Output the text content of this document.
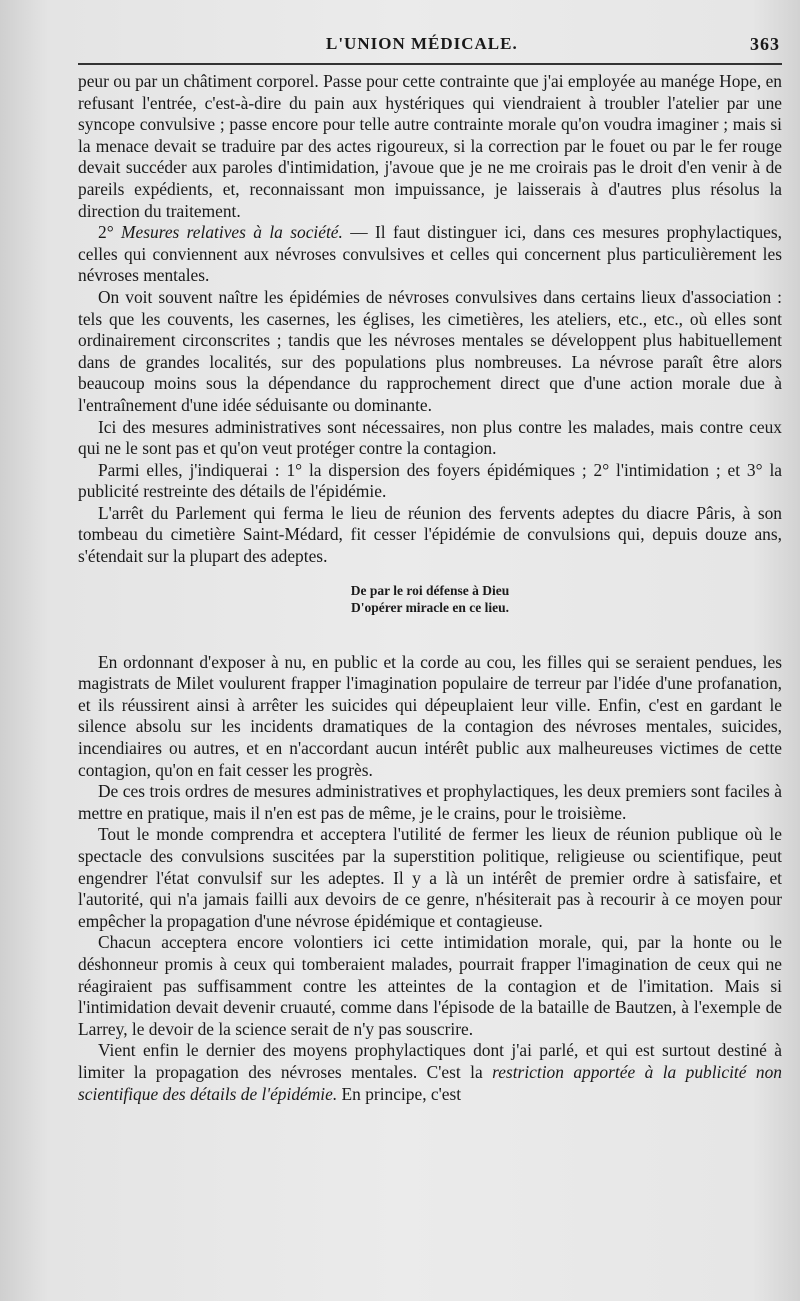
L'UNION MÉDICALE.	363

peur ou par un châtiment corporel. Passe pour cette contrainte que j'ai employée au manége Hope, en refusant l'entrée, c'est-à-dire du pain aux hystériques qui viendraient à troubler l'atelier par une syncope convulsive ; passe encore pour telle autre contrainte morale qu'on voudra imaginer ; mais si la menace devait se traduire par des actes rigoureux, si la correction par le fouet ou par le fer rouge devait succéder aux paroles d'intimidation, j'avoue que je ne me croirais pas le droit d'en venir à de pareils expédients, et, reconnaissant mon impuissance, je laisserais à d'autres plus résolus la direction du traitement.

2° Mesures relatives à la société. — Il faut distinguer ici, dans ces mesures prophylactiques, celles qui conviennent aux névroses convulsives et celles qui concernent plus particulièrement les névroses mentales.

On voit souvent naître les épidémies de névroses convulsives dans certains lieux d'association : tels que les couvents, les casernes, les églises, les cimetières, les ateliers, etc., etc., où elles sont ordinairement circonscrites ; tandis que les névroses mentales se développent plus habituellement dans de grandes localités, sur des populations plus nombreuses. La névrose paraît être alors beaucoup moins sous la dépendance du rapprochement direct que d'une action morale due à l'entraînement d'une idée séduisante ou dominante.

Ici des mesures administratives sont nécessaires, non plus contre les malades, mais contre ceux qui ne le sont pas et qu'on veut protéger contre la contagion.

Parmi elles, j'indiquerai : 1° la dispersion des foyers épidémiques ; 2° l'intimidation ; et 3° la publicité restreinte des détails de l'épidémie.

L'arrêt du Parlement qui ferma le lieu de réunion des fervents adeptes du diacre Pâris, à son tombeau du cimetière Saint-Médard, fit cesser l'épidémie de convulsions qui, depuis douze ans, s'étendait sur la plupart des adeptes.

De par le roi défense à Dieu
D'opérer miracle en ce lieu.

En ordonnant d'exposer à nu, en public et la corde au cou, les filles qui se seraient pendues, les magistrats de Milet voulurent frapper l'imagination populaire de terreur par l'idée d'une profanation, et ils réussirent ainsi à arrêter les suicides qui dépeuplaient leur ville. Enfin, c'est en gardant le silence absolu sur les incidents dramatiques de la contagion des névroses mentales, suicides, incendiaires ou autres, et en n'accordant aucun intérêt public aux malheureuses victimes de cette contagion, qu'on en fait cesser les progrès.

De ces trois ordres de mesures administratives et prophylactiques, les deux premiers sont faciles à mettre en pratique, mais il n'en est pas de même, je le crains, pour le troisième.

Tout le monde comprendra et acceptera l'utilité de fermer les lieux de réunion publique où le spectacle des convulsions suscitées par la superstition politique, religieuse ou scientifique, peut engendrer l'état convulsif sur les adeptes. Il y a là un intérêt de premier ordre à satisfaire, et l'autorité, qui n'a jamais failli aux devoirs de ce genre, n'hésiterait pas à recourir à ce moyen pour empêcher la propagation d'une névrose épidémique et contagieuse.

Chacun acceptera encore volontiers ici cette intimidation morale, qui, par la honte ou le déshonneur promis à ceux qui tomberaient malades, pourrait frapper l'imagination de ceux qui ne réagiraient pas suffisamment contre les atteintes de la contagion et de l'imitation. Mais si l'intimidation devait devenir cruauté, comme dans l'épisode de la bataille de Bautzen, à l'exemple de Larrey, le devoir de la science serait de n'y pas souscrire.

Vient enfin le dernier des moyens prophylactiques dont j'ai parlé, et qui est surtout destiné à limiter la propagation des névroses mentales. C'est la restriction apportée à la publicité non scientifique des détails de l'épidémie. En principe, c'est
